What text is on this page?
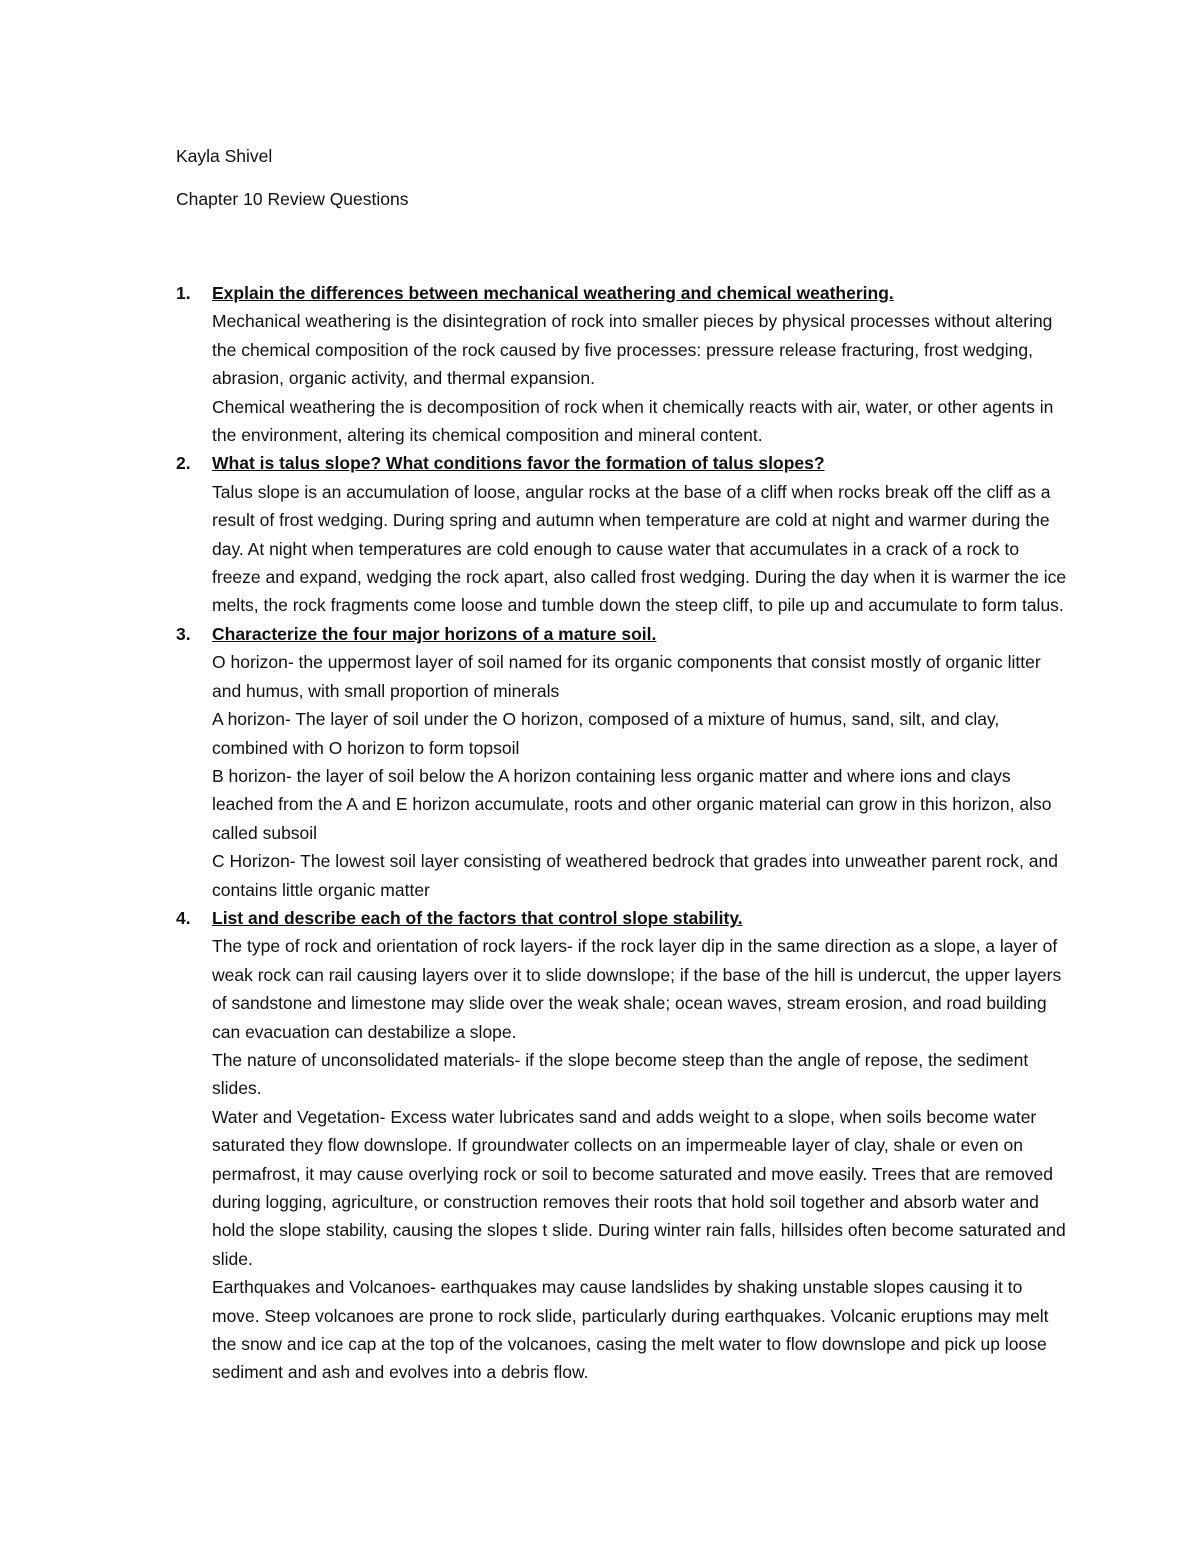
Kayla Shivel
Chapter 10 Review Questions
1. Explain the differences between mechanical weathering and chemical weathering.

Mechanical weathering is the disintegration of rock into smaller pieces by physical processes without altering the chemical composition of the rock caused by five processes: pressure release fracturing, frost wedging, abrasion, organic activity, and thermal expansion.

Chemical weathering the is decomposition of rock when it chemically reacts with air, water, or other agents in the environment, altering its chemical composition and mineral content.

2. What is talus slope? What conditions favor the formation of talus slopes?

Talus slope is an accumulation of loose, angular rocks at the base of a cliff when rocks break off the cliff as a result of frost wedging. During spring and autumn when temperature are cold at night and warmer during the day. At night when temperatures are cold enough to cause water that accumulates in a crack of a rock to freeze and expand, wedging the rock apart, also called frost wedging. During the day when it is warmer the ice melts, the rock fragments come loose and tumble down the steep cliff, to pile up and accumulate to form talus.

3. Characterize the four major horizons of a mature soil.

O horizon- the uppermost layer of soil named for its organic components that consist mostly of organic litter and humus, with small proportion of minerals

A horizon- The layer of soil under the O horizon, composed of a mixture of humus, sand, silt, and clay, combined with O horizon to form topsoil

B horizon- the layer of soil below the A horizon containing less organic matter and where ions and clays leached from the A and E horizon accumulate, roots and other organic material can grow in this horizon, also called subsoil

C Horizon- The lowest soil layer consisting of weathered bedrock that grades into unweather parent rock, and contains little organic matter

4. List and describe each of the factors that control slope stability.

The type of rock and orientation of rock layers- if the rock layer dip in the same direction as a slope, a layer of weak rock can rail causing layers over it to slide downslope; if the base of the hill is undercut, the upper layers of sandstone and limestone may slide over the weak shale; ocean waves, stream erosion, and road building can evacuation can destabilize a slope.

The nature of unconsolidated materials- if the slope become steep than the angle of repose, the sediment slides.

Water and Vegetation- Excess water lubricates sand and adds weight to a slope, when soils become water saturated they flow downslope. If groundwater collects on an impermeable layer of clay, shale or even on permafrost, it may cause overlying rock or soil to become saturated and move easily. Trees that are removed during logging, agriculture, or construction removes their roots that hold soil together and absorb water and hold the slope stability, causing the slopes t slide. During winter rain falls, hillsides often become saturated and slide.

Earthquakes and Volcanoes- earthquakes may cause landslides by shaking unstable slopes causing it to move. Steep volcanoes are prone to rock slide, particularly during earthquakes. Volcanic eruptions may melt the snow and ice cap at the top of the volcanoes, casing the melt water to flow downslope and pick up loose sediment and ash and evolves into a debris flow.
